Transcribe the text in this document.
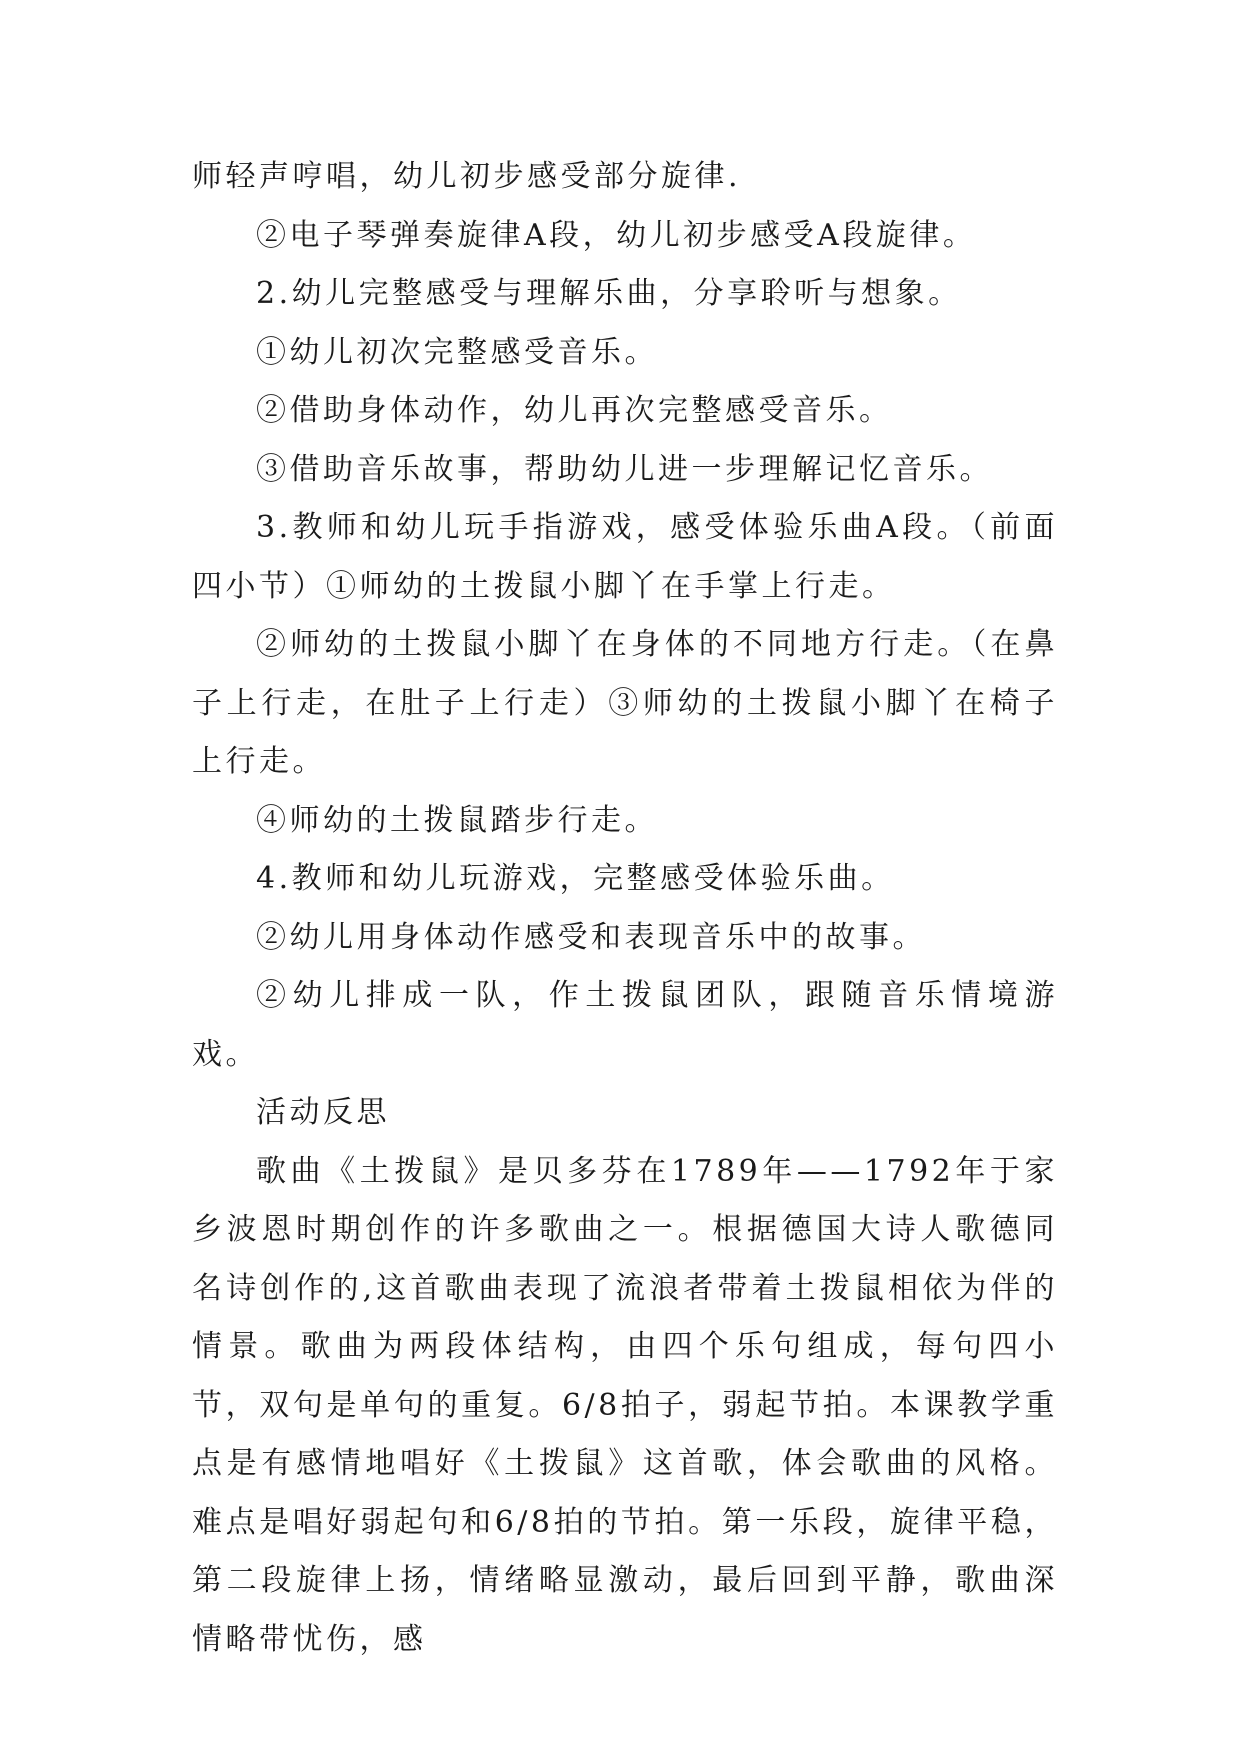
师轻声哼唱，幼儿初步感受部分旋律.

②电子琴弹奏旋律A段，幼儿初步感受A段旋律。

2.幼儿完整感受与理解乐曲，分享聆听与想象。

①幼儿初次完整感受音乐。

②借助身体动作，幼儿再次完整感受音乐。

③借助音乐故事，帮助幼儿进一步理解记忆音乐。

3.教师和幼儿玩手指游戏，感受体验乐曲A段。（前面四小节）①师幼的土拨鼠小脚丫在手掌上行走。

②师幼的土拨鼠小脚丫在身体的不同地方行走。（在鼻子上行走，在肚子上行走）③师幼的土拨鼠小脚丫在椅子上行走。

④师幼的土拨鼠踏步行走。

4.教师和幼儿玩游戏，完整感受体验乐曲。

②幼儿用身体动作感受和表现音乐中的故事。

②幼儿排成一队，作土拨鼠团队，跟随音乐情境游戏。

活动反思

歌曲《土拨鼠》是贝多芬在1789年——1792年于家乡波恩时期创作的许多歌曲之一。根据德国大诗人歌德同名诗创作的,这首歌曲表现了流浪者带着土拨鼠相依为伴的情景。歌曲为两段体结构，由四个乐句组成，每句四小节，双句是单句的重复。6/8拍子，弱起节拍。本课教学重点是有感情地唱好《土拨鼠》这首歌，体会歌曲的风格。难点是唱好弱起句和6/8拍的节拍。第一乐段，旋律平稳，第二段旋律上扬，情绪略显激动，最后回到平静，歌曲深情略带忧伤，感
